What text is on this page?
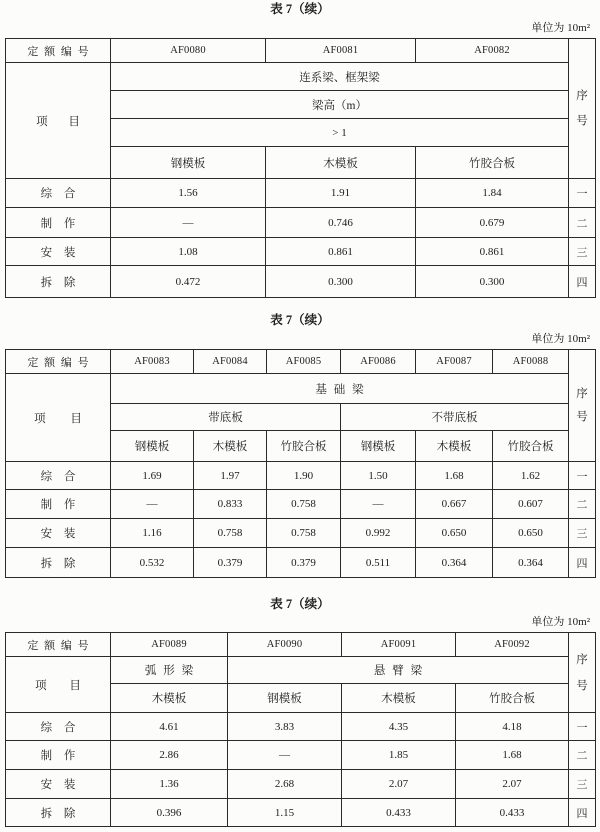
表 7（续）
单位为 10m²
定 额 编 号	AF0080	AF0081	AF0082	序号
项 目	连系梁、框架梁			
	梁高（m）			
	> 1			
	钢模板	木模板	竹胶合板	
综 合	1.56	1.91	1.84	一
制 作	—	0.746	0.679	二
安 装	1.08	0.861	0.861	三
拆 除	0.472	0.300	0.300	四
表 7（续）
单位为 10m²
定 额 编 号	AF0083	AF0084	AF0085	AF0086	AF0087	AF0088	序号
项 目	基 础 梁						
	带底板			不带底板			
	钢模板	木模板	竹胶合板	钢模板	木模板	竹胶合板	
综 合	1.69	1.97	1.90	1.50	1.68	1.62	一
制 作	—	0.833	0.758	—	0.667	0.607	二
安 装	1.16	0.758	0.758	0.992	0.650	0.650	三
拆 除	0.532	0.379	0.379	0.511	0.364	0.364	四
表 7（续）
单位为 10m²
定 额 编 号	AF0089	AF0090	AF0091	AF0092	序号
项 目	弧 形 梁	悬 臂 梁			
	木模板	钢模板	木模板	竹胶合板	
综 合	4.61	3.83	4.35	4.18	一
制 作	2.86	—	1.85	1.68	二
安 装	1.36	2.68	2.07	2.07	三
拆 除	0.396	1.15	0.433	0.433	四
